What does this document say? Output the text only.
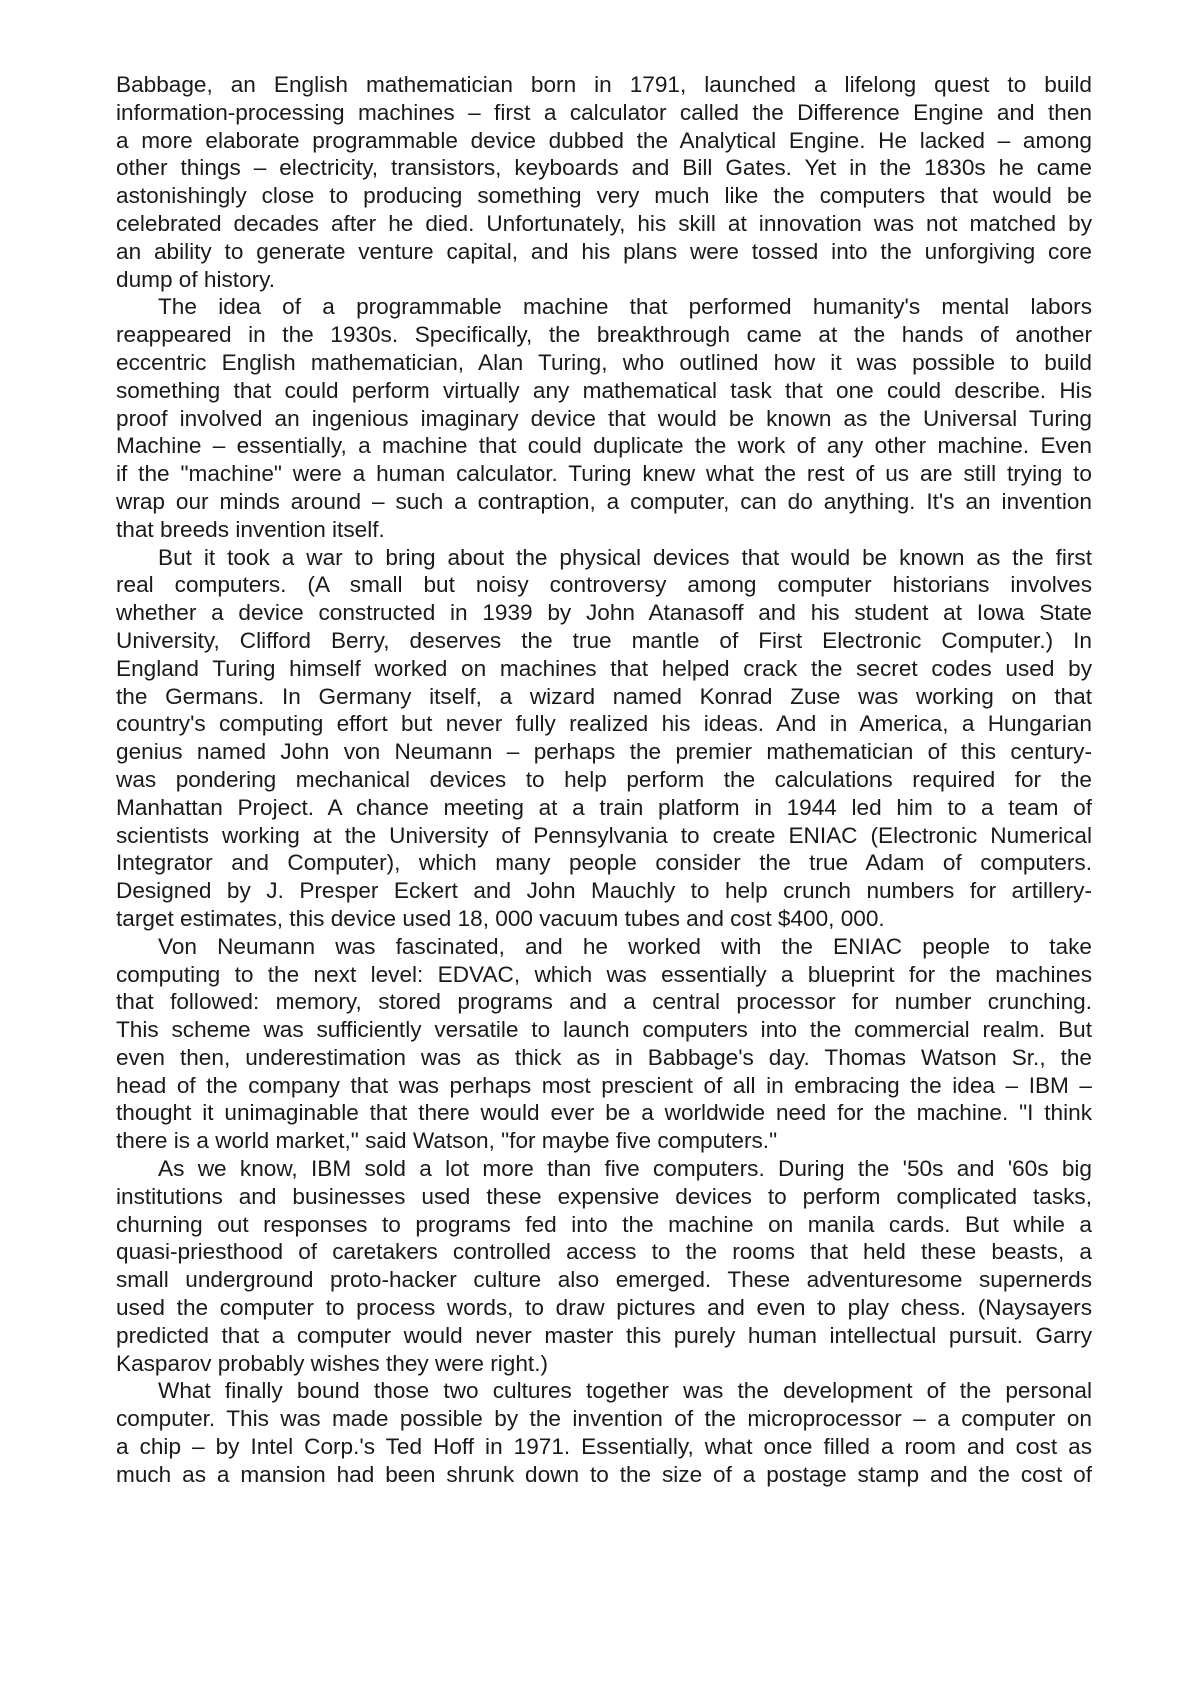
Babbage, an English mathematician born in 1791, launched a lifelong quest to build
information-processing machines – first a calculator called the Difference Engine and then
a more elaborate programmable device dubbed the Analytical Engine. He lacked – among
other things – electricity, transistors, keyboards and Bill Gates. Yet in the 1830s he came
astonishingly close to producing something very much like the computers that would be
celebrated decades after he died. Unfortunately, his skill at innovation was not matched by
an ability to generate venture capital, and his plans were tossed into the unforgiving core
dump of history.
The idea of a programmable machine that performed humanity's mental labors
reappeared in the 1930s. Specifically, the breakthrough came at the hands of another
eccentric English mathematician, Alan Turing, who outlined how it was possible to build
something that could perform virtually any mathematical task that one could describe. His
proof involved an ingenious imaginary device that would be known as the Universal Turing
Machine – essentially, a machine that could duplicate the work of any other machine. Even
if the "machine" were a human calculator. Turing knew what the rest of us are still trying to
wrap our minds around – such a contraption, a computer, can do anything. It's an invention
that breeds invention itself.
But it took a war to bring about the physical devices that would be known as the first
real computers. (A small but noisy controversy among computer historians involves
whether a device constructed in 1939 by John Atanasoff and his student at Iowa State
University, Clifford Berry, deserves the true mantle of First Electronic Computer.) In
England Turing himself worked on machines that helped crack the secret codes used by
the Germans. In Germany itself, a wizard named Konrad Zuse was working on that
country's computing effort but never fully realized his ideas. And in America, a Hungarian
genius named John von Neumann – perhaps the premier mathematician of this century-
was pondering mechanical devices to help perform the calculations required for the
Manhattan Project. A chance meeting at a train platform in 1944 led him to a team of
scientists working at the University of Pennsylvania to create ENIAC (Electronic Numerical
Integrator and Computer), which many people consider the true Adam of computers.
Designed by J. Presper Eckert and John Mauchly to help crunch numbers for artillery-
target estimates, this device used 18, 000 vacuum tubes and cost $400, 000.
Von Neumann was fascinated, and he worked with the ENIAC people to take
computing to the next level: EDVAC, which was essentially a blueprint for the machines
that followed: memory, stored programs and a central processor for number crunching.
This scheme was sufficiently versatile to launch computers into the commercial realm. But
even then, underestimation was as thick as in Babbage's day. Thomas Watson Sr., the
head of the company that was perhaps most prescient of all in embracing the idea – IBM –
thought it unimaginable that there would ever be a worldwide need for the machine. "I think
there is a world market," said Watson, "for maybe five computers."
As we know, IBM sold a lot more than five computers. During the '50s and '60s big
institutions and businesses used these expensive devices to perform complicated tasks,
churning out responses to programs fed into the machine on manila cards. But while a
quasi-priesthood of caretakers controlled access to the rooms that held these beasts, a
small underground proto-hacker culture also emerged. These adventuresome supernerds
used the computer to process words, to draw pictures and even to play chess. (Naysayers
predicted that a computer would never master this purely human intellectual pursuit. Garry
Kasparov probably wishes they were right.)
What finally bound those two cultures together was the development of the personal
computer. This was made possible by the invention of the microprocessor – a computer on
a chip – by Intel Corp.'s Ted Hoff in 1971. Essentially, what once filled a room and cost as
much as a mansion had been shrunk down to the size of a postage stamp and the cost of
